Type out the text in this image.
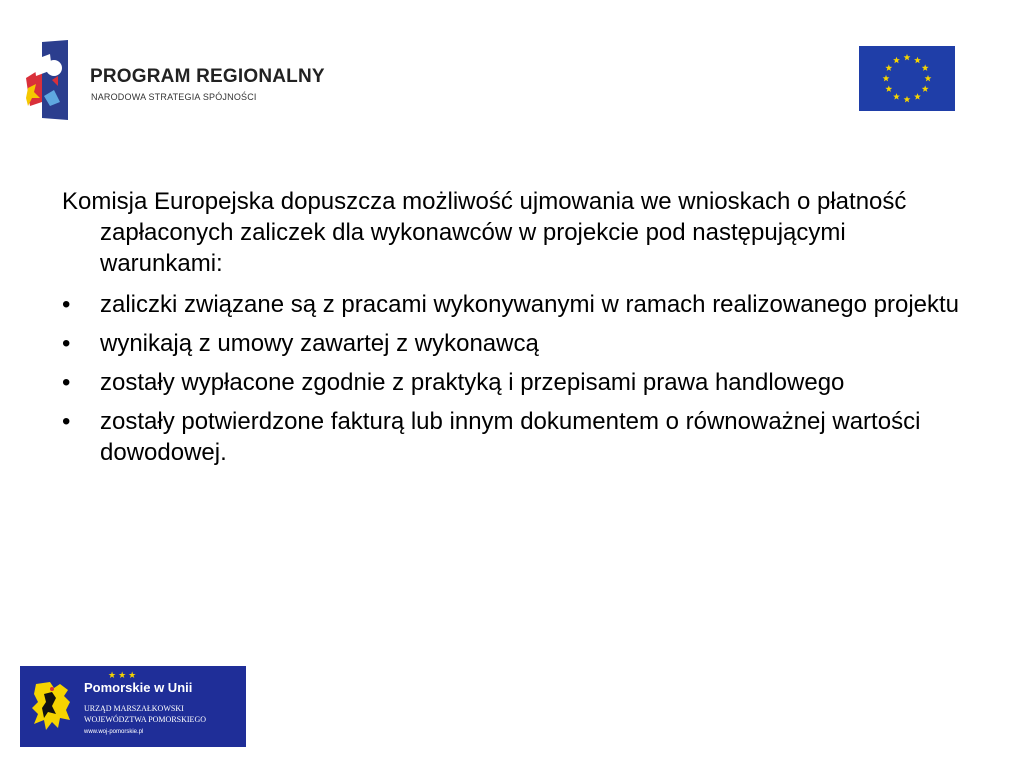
PROGRAM REGIONALNY
NARODOWA STRATEGIA SPÓJNOŚCI

Komisja Europejska dopuszcza możliwość ujmowania we wnioskach o płatność zapłaconych zaliczek dla wykonawców w projekcie pod następującymi warunkami:

• zaliczki związane są z pracami wykonywanymi w ramach realizowanego projektu
• wynikają z umowy zawartej z wykonawcą
• zostały wypłacone zgodnie z praktyką i przepisami prawa handlowego
• zostały potwierdzone fakturą lub innym dokumentem o równoważnej wartości dowodowej.
★★★
Pomorskie w Unii
URZĄD MARSZAŁKOWSKI
WOJEWÓDZTWA POMORSKIEGO
www.woj-pomorskie.pl
